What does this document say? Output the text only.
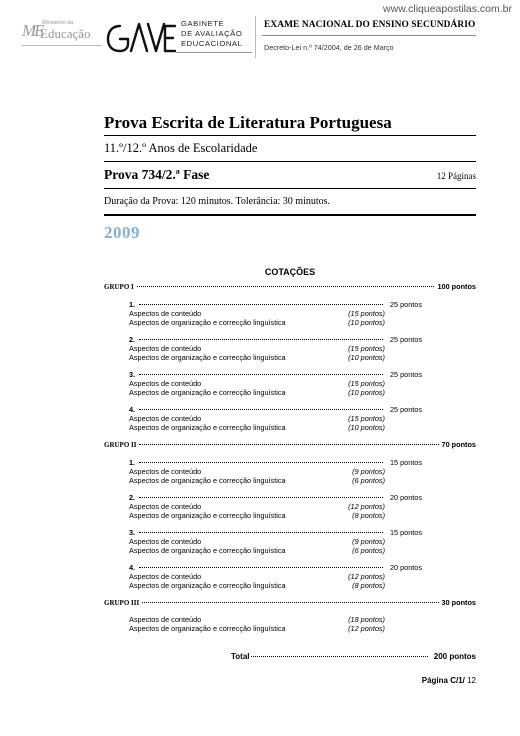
www.cliqueapostilas.com.br
ME Ministério da
Educação
GABINETE
DE AVALIAÇÃO
EDUCACIONAL
EXAME NACIONAL DO ENSINO SECUNDÁRIO
Decreto-Lei n.º 74/2004, de 26 de Março
Prova Escrita de Literatura Portuguesa
11.º/12.º Anos de Escolaridade
Prova 734/2.ª Fase	12 Páginas
Duração da Prova: 120 minutos. Tolerância: 30 minutos.
2009
COTAÇÕES
GRUPO I	100 pontos
1.	25 pontos
Aspectos de conteúdo	(15 pontos)
Aspectos de organização e correcção linguística	(10 pontos)
2.	25 pontos
Aspectos de conteúdo	(15 pontos)
Aspectos de organização e correcção linguística	(10 pontos)
3.	25 pontos
Aspectos de conteúdo	(15 pontos)
Aspectos de organização e correcção linguística	(10 pontos)
4.	25 pontos
Aspectos de conteúdo	(15 pontos)
Aspectos de organização e correcção linguística	(10 pontos)
GRUPO II	70 pontos
1.	15 pontos
Aspectos de conteúdo	(9 pontos)
Aspectos de organização e correcção linguística	(6 pontos)
2.	20 pontos
Aspectos de conteúdo	(12 pontos)
Aspectos de organização e correcção linguística	(8 pontos)
3.	15 pontos
Aspectos de conteúdo	(9 pontos)
Aspectos de organização e correcção linguística	(6 pontos)
4.	20 pontos
Aspectos de conteúdo	(12 pontos)
Aspectos de organização e correcção linguística	(8 pontos)
GRUPO III	30 pontos
Aspectos de conteúdo	(18 pontos)
Aspectos de organização e correcção linguística	(12 pontos)
Total	200 pontos
Página C/1/ 12
